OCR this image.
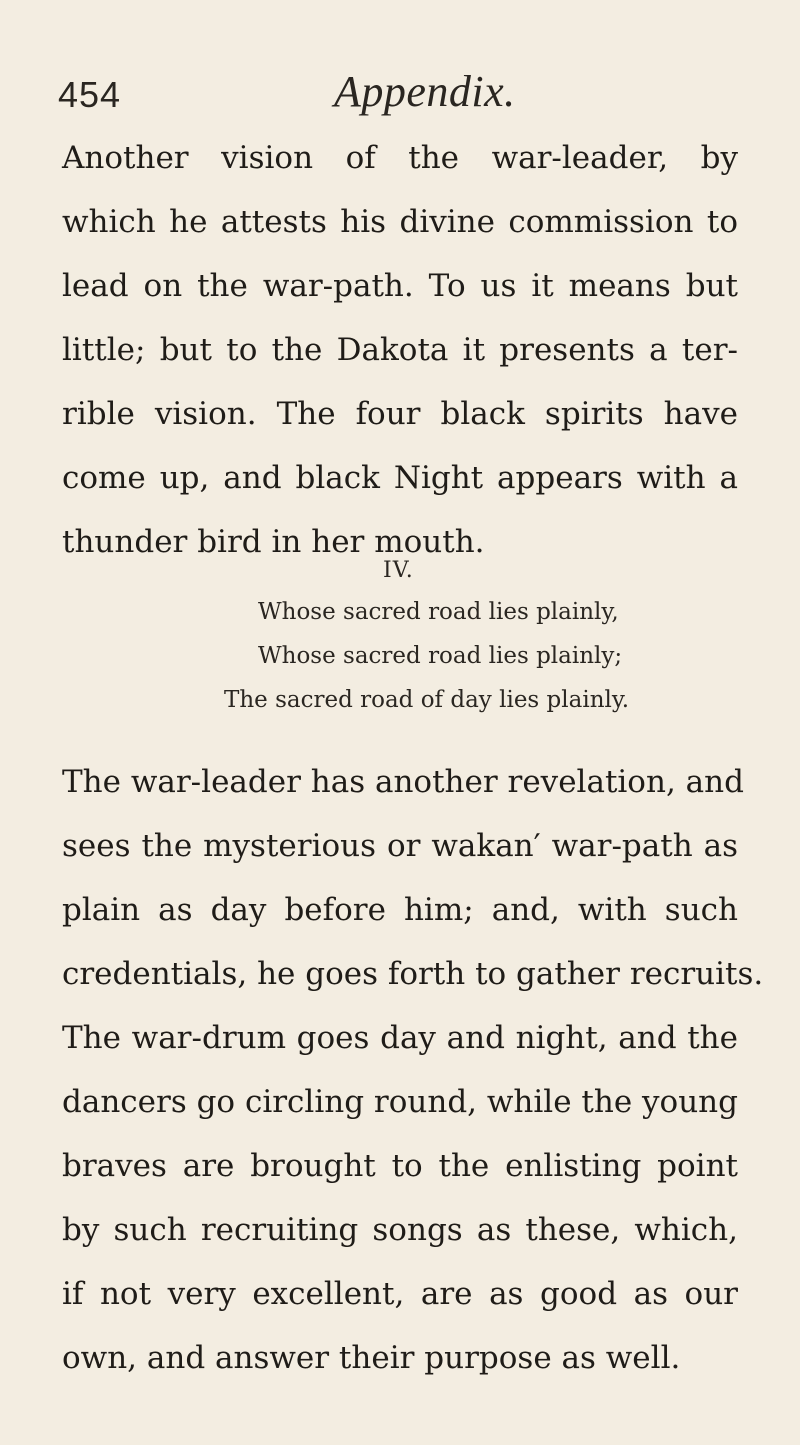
454	Appendix.
Another vision of the war-leader, by
which he attests his divine commission to
lead on the war-path. To us it means but
little; but to the Dakota it presents a ter-
rible vision. The four black spirits have
come up, and black Night appears with a
thunder bird in her mouth.
IV.
Whose sacred road lies plainly,
Whose sacred road lies plainly;
The sacred road of day lies plainly.
The war-leader has another revelation, and
sees the mysterious or wakan′ war-path as
plain as day before him; and, with such
credentials, he goes forth to gather recruits.
The war-drum goes day and night, and the
dancers go circling round, while the young
braves are brought to the enlisting point
by such recruiting songs as these, which,
if not very excellent, are as good as our
own, and answer their purpose as well.
